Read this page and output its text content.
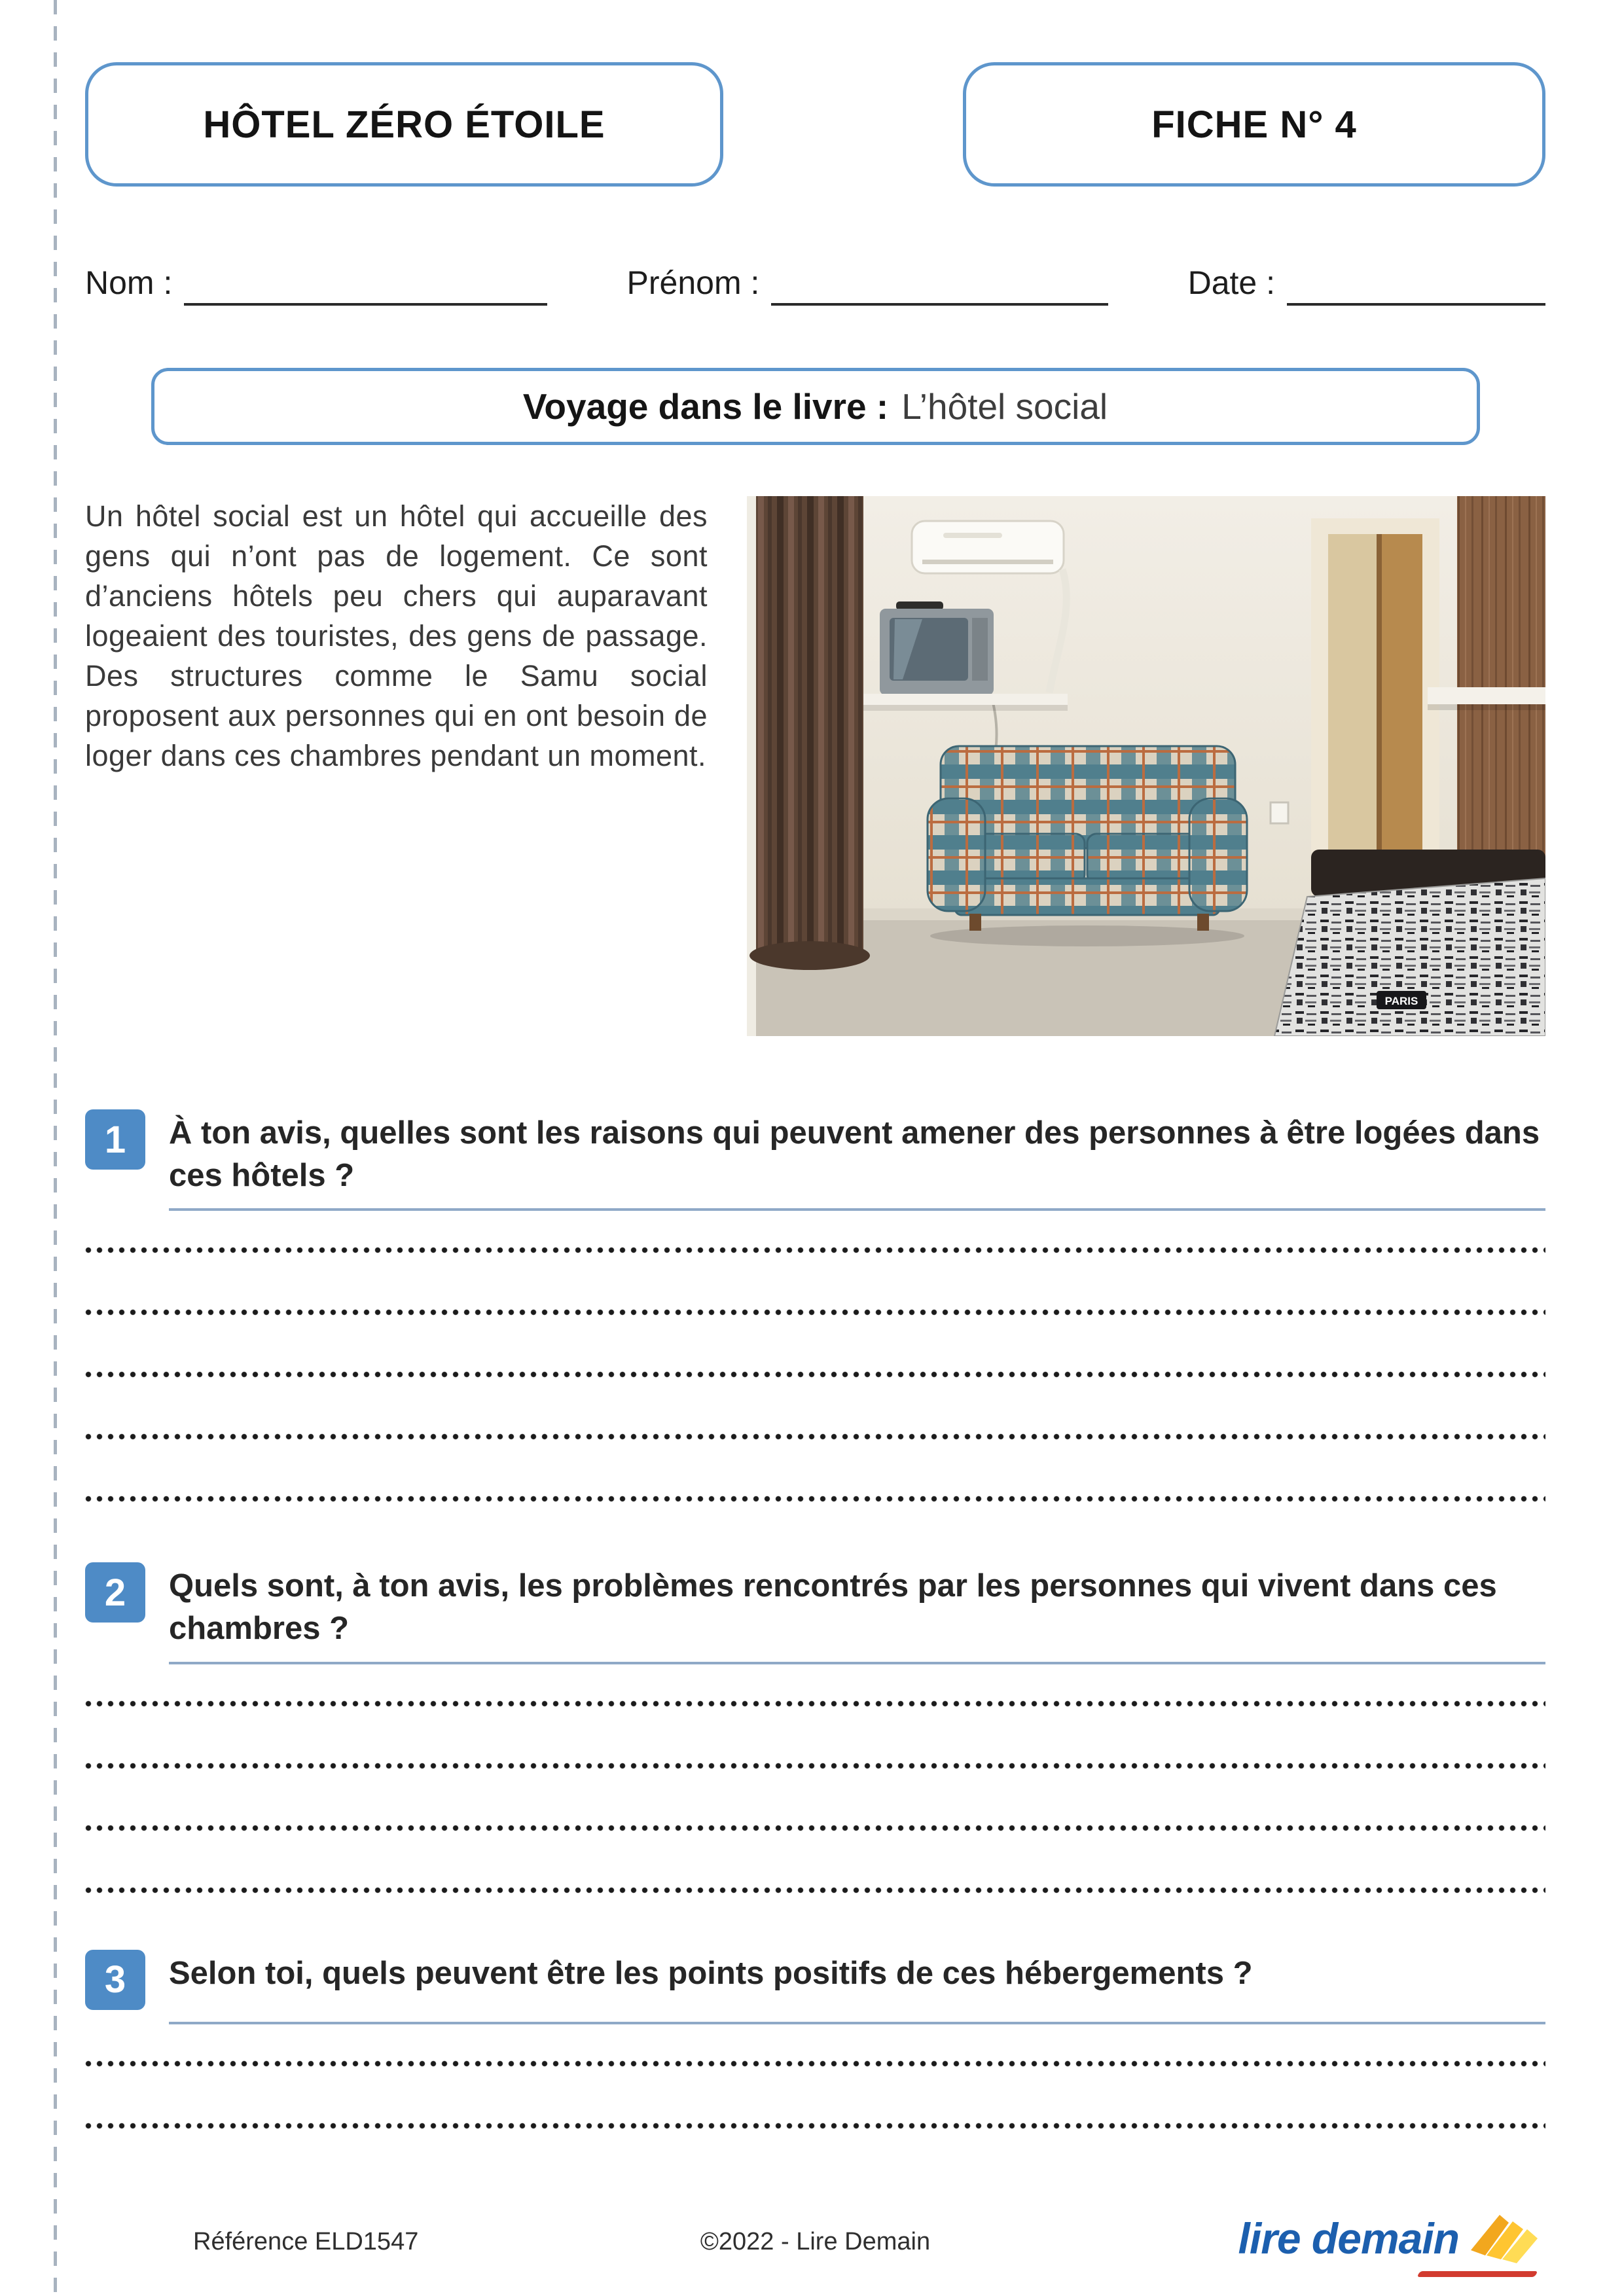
HÔTEL ZÉRO ÉTOILE	FICHE N° 4
Nom :	Prénom :	Date :
Voyage dans le livre : L’hôtel social

Un hôtel social est un hôtel qui accueille des gens qui n’ont pas de logement. Ce sont d’anciens hôtels peu chers qui auparavant logeaient des touristes, des gens de passage. Des structures comme le Samu social proposent aux personnes qui en ont besoin de loger dans ces chambres pendant un moment.

PARIS
1	À ton avis, quelles sont les raisons qui peuvent amener des personnes à être logées dans ces hôtels ?
2	Quels sont, à ton avis, les problèmes rencontrés par les personnes qui vivent dans ces chambres ?
3	Selon toi, quels peuvent être les points positifs de ces hébergements ?
Référence ELD1547	©2022 - Lire Demain	lire demain
